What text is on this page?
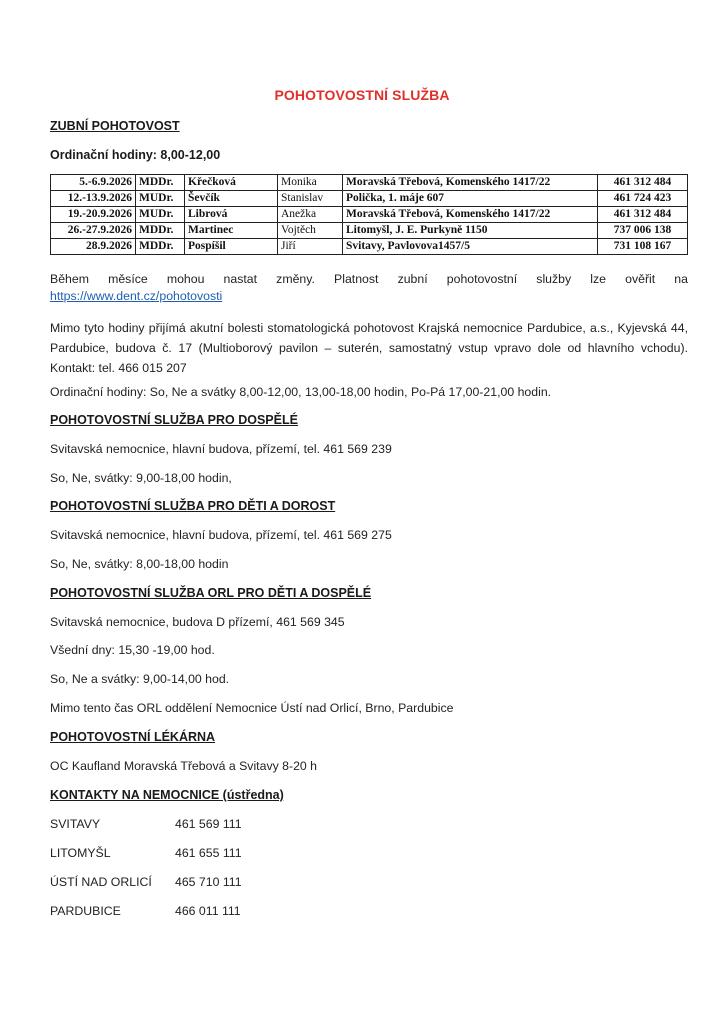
POHOTOVOSTNÍ SLUŽBA
ZUBNÍ POHOTOVOST
Ordinační hodiny: 8,00-12,00
5.-6.9.2026	MDDr.	Křečková	Monika	Moravská Třebová, Komenského 1417/22	461 312 484
12.-13.9.2026	MUDr.	Ševčík	Stanislav	Polička, 1. máje 607	461 724 423
19.-20.9.2026	MUDr.	Librová	Anežka	Moravská Třebová, Komenského 1417/22	461 312 484
26.-27.9.2026	MDDr.	Martinec	Vojtěch	Litomyšl, J. E. Purkyně 1150	737 006 138
28.9.2026	MDDr.	Pospíšil	Jiří	Svitavy, Pavlovova1457/5	731 108 167
Během měsíce mohou nastat změny. Platnost zubní pohotovostní služby lze ověřit na
https://www.dent.cz/pohotovosti
Mimo tyto hodiny přijímá akutní bolesti stomatologická pohotovost Krajská nemocnice Pardubice, a.s., Kyjevská 44, Pardubice, budova č. 17 (Multioborový pavilon – suterén, samostatný vstup vpravo dole od hlavního vchodu). Kontakt: tel. 466 015 207
Ordinační hodiny: So, Ne a svátky 8,00-12,00, 13,00-18,00 hodin, Po-Pá 17,00-21,00 hodin.
POHOTOVOSTNÍ SLUŽBA PRO DOSPĚLÉ
Svitavská nemocnice, hlavní budova, přízemí, tel. 461 569 239
So, Ne, svátky: 9,00-18,00 hodin,
POHOTOVOSTNÍ SLUŽBA PRO DĚTI A DOROST
Svitavská nemocnice, hlavní budova, přízemí, tel. 461 569 275
So, Ne, svátky: 8,00-18,00 hodin
POHOTOVOSTNÍ SLUŽBA ORL PRO DĚTI A DOSPĚLÉ
Svitavská nemocnice, budova D přízemí, 461 569 345
Všední dny: 15,30 -19,00 hod.
So, Ne a svátky: 9,00-14,00 hod.
Mimo tento čas ORL oddělení Nemocnice Ústí nad Orlicí, Brno, Pardubice
POHOTOVOSTNÍ LÉKÁRNA
OC Kaufland Moravská Třebová a Svitavy 8-20 h
KONTAKTY NA NEMOCNICE (ústředna)
SVITAVY	461 569 111
LITOMYŠL	461 655 111
ÚSTÍ NAD ORLICÍ 465 710 111
PARDUBICE	466 011 111
